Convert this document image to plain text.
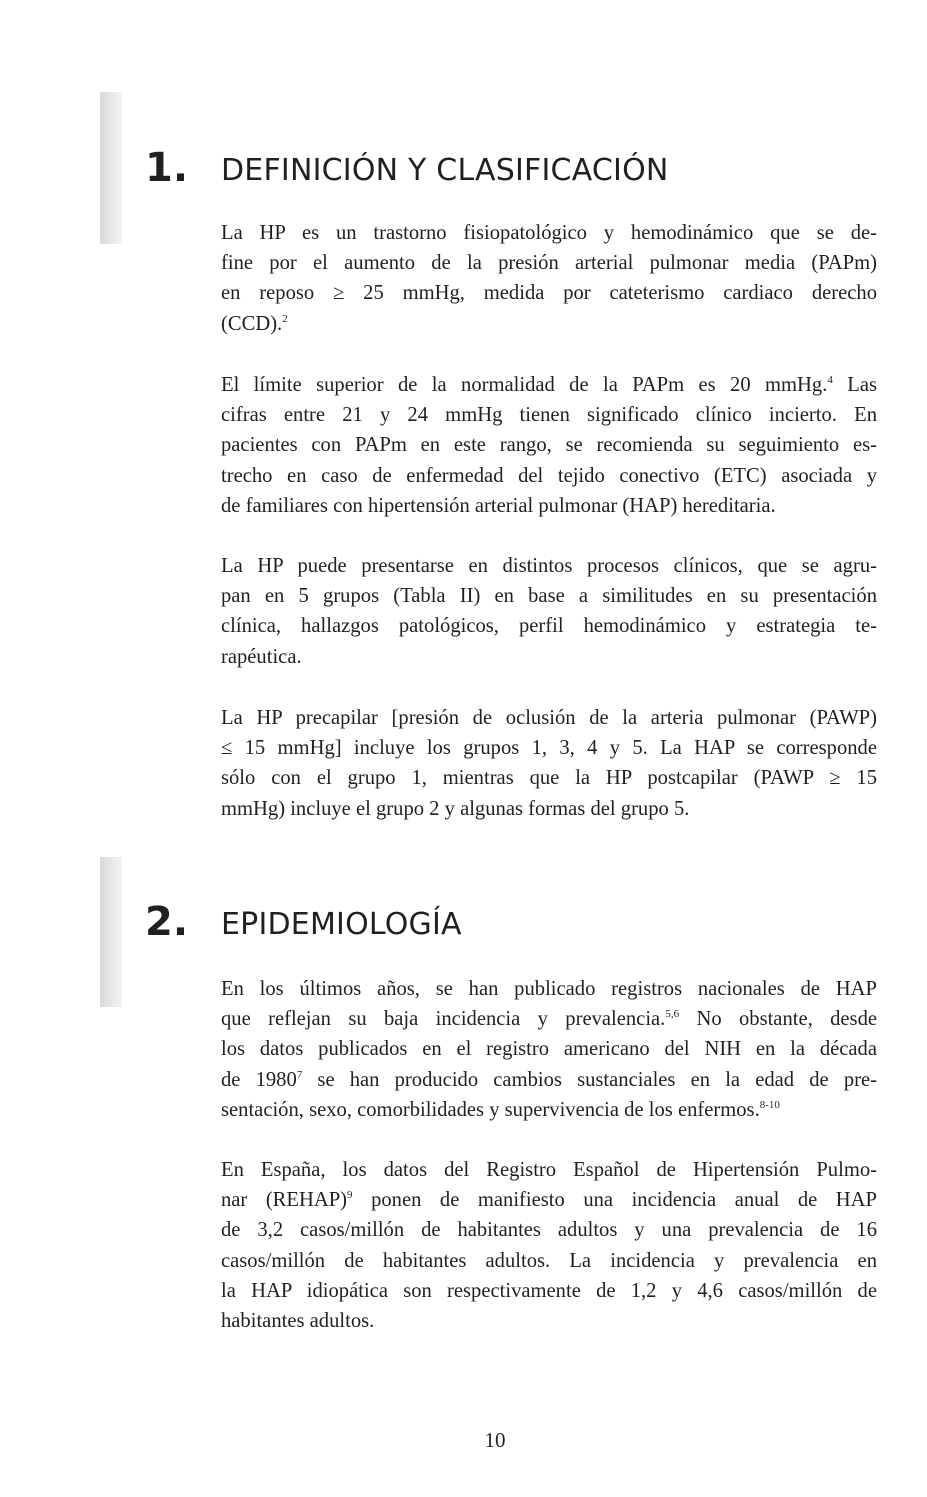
1. DEFINICIÓN Y CLASIFICACIÓN

La HP es un trastorno fisiopatológico y hemodinámico que se de-
fine por el aumento de la presión arterial pulmonar media (PAPm)
en reposo ≥ 25 mmHg, medida por cateterismo cardiaco derecho
(CCD).$^2$

El límite superior de la normalidad de la PAPm es 20 mmHg.$^4$ Las
cifras entre 21 y 24 mmHg tienen significado clínico incierto. En
pacientes con PAPm en este rango, se recomienda su seguimiento es-
trecho en caso de enfermedad del tejido conectivo (ETC) asociada y
de familiares con hipertensión arterial pulmonar (HAP) hereditaria.

La HP puede presentarse en distintos procesos clínicos, que se agru-
pan en 5 grupos (Tabla II) en base a similitudes en su presentación
clínica, hallazgos patológicos, perfil hemodinámico y estrategia te-
rapéutica.

La HP precapilar [presión de oclusión de la arteria pulmonar (PAWP)
≤ 15 mmHg] incluye los grupos 1, 3, 4 y 5. La HAP se corresponde
sólo con el grupo 1, mientras que la HP postcapilar (PAWP ≥ 15
mmHg) incluye el grupo 2 y algunas formas del grupo 5.

2. EPIDEMIOLOGÍA

En los últimos años, se han publicado registros nacionales de HAP
que reflejan su baja incidencia y prevalencia.$^{5,6}$ No obstante, desde
los datos publicados en el registro americano del NIH en la década
de 1980$^7$ se han producido cambios sustanciales en la edad de pre-
sentación, sexo, comorbilidades y supervivencia de los enfermos.$^{8-10}$

En España, los datos del Registro Español de Hipertensión Pulmo-
nar (REHAP)$^9$ ponen de manifiesto una incidencia anual de HAP
de 3,2 casos/millón de habitantes adultos y una prevalencia de 16
casos/millón de habitantes adultos. La incidencia y prevalencia en
la HAP idiopática son respectivamente de 1,2 y 4,6 casos/millón de
habitantes adultos.

10
